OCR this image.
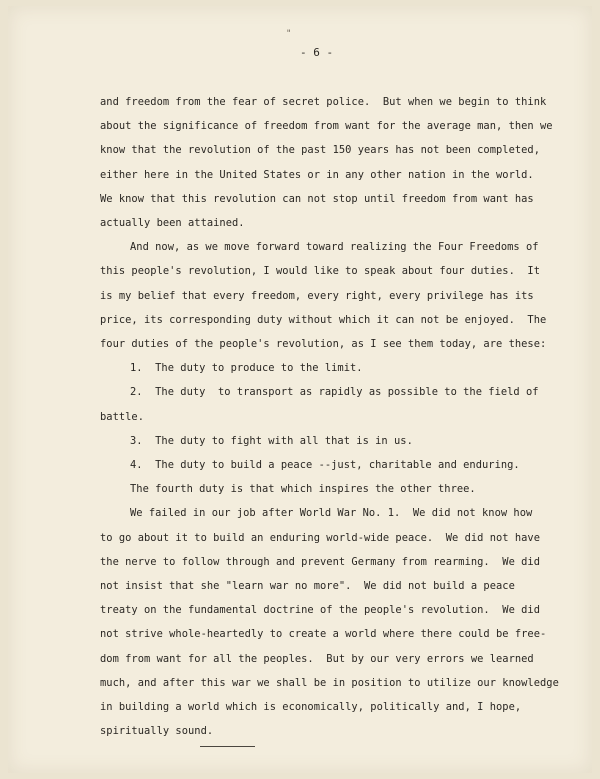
"
- 6 -

and freedom from the fear of secret police.  But when we begin to think

about the significance of freedom from want for the average man, then we

know that the revolution of the past 150 years has not been completed,

either here in the United States or in any other nation in the world.

We know that this revolution can not stop until freedom from want has

actually been attained.

And now, as we move forward toward realizing the Four Freedoms of

this people's revolution, I would like to speak about four duties.  It

is my belief that every freedom, every right, every privilege has its

price, its corresponding duty without which it can not be enjoyed.  The

four duties of the people's revolution, as I see them today, are these:

1.  The duty to produce to the limit.

2.  The duty  to transport as rapidly as possible to the field of

battle.

3.  The duty to fight with all that is in us.

4.  The duty to build a peace --just, charitable and enduring.

The fourth duty is that which inspires the other three.

We failed in our job after World War No. 1.  We did not know how

to go about it to build an enduring world-wide peace.  We did not have

the nerve to follow through and prevent Germany from rearming.  We did

not insist that she "learn war no more".  We did not build a peace

treaty on the fundamental doctrine of the people's revolution.  We did

not strive whole-heartedly to create a world where there could be free-

dom from want for all the peoples.  But by our very errors we learned

much, and after this war we shall be in position to utilize our knowledge

in building a world which is economically, politically and, I hope,

spiritually sound.
